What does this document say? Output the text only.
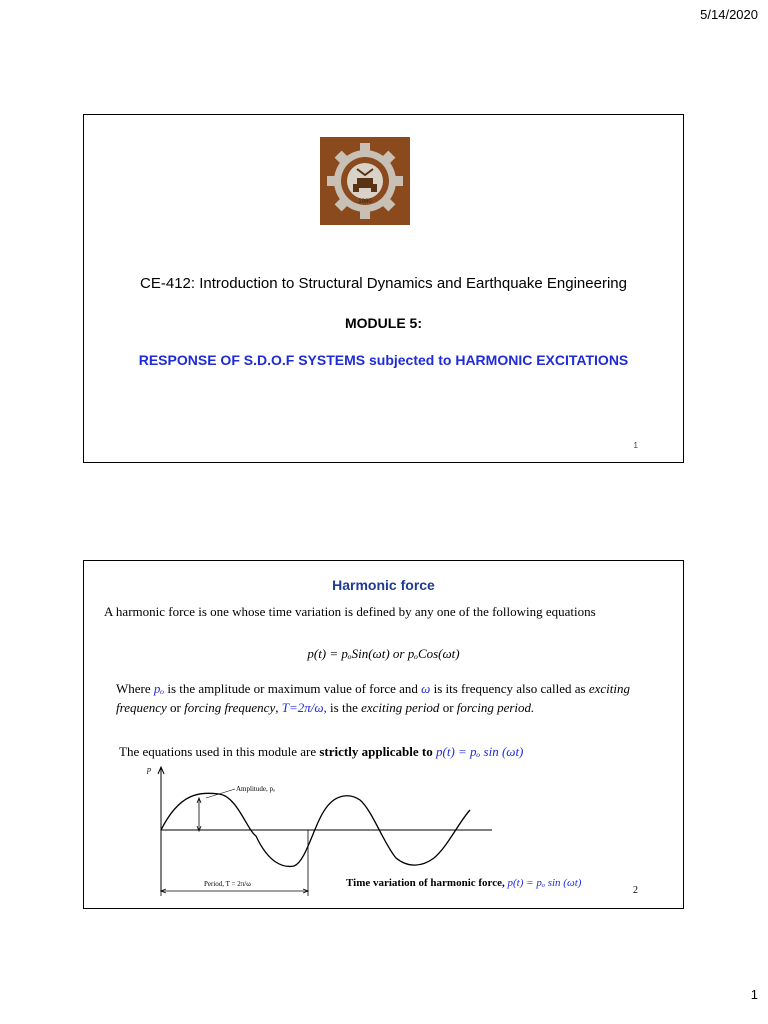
5/14/2020
1980
CE-412: Introduction to Structural Dynamics and Earthquake Engineering
MODULE 5:
RESPONSE OF S.D.O.F SYSTEMS subjected to HARMONIC EXCITATIONS
1
Harmonic force
A harmonic force is one whose time variation is defined by any one of the following equations
p(t) = pₒSin(ωt) or pₒCos(ωt)
Where pₒ is the amplitude or maximum value of force and ω is its frequency also called as exciting frequency or forcing frequency, T=2π/ω, is the exciting period or forcing period.
The equations used in this module are strictly applicable to p(t) = pₒ sin (ωt)
p
Amplitude, pₒ
Period, T = 2π/ω	Time variation of harmonic force, p(t) = pₒ sin (ωt)
2
1
